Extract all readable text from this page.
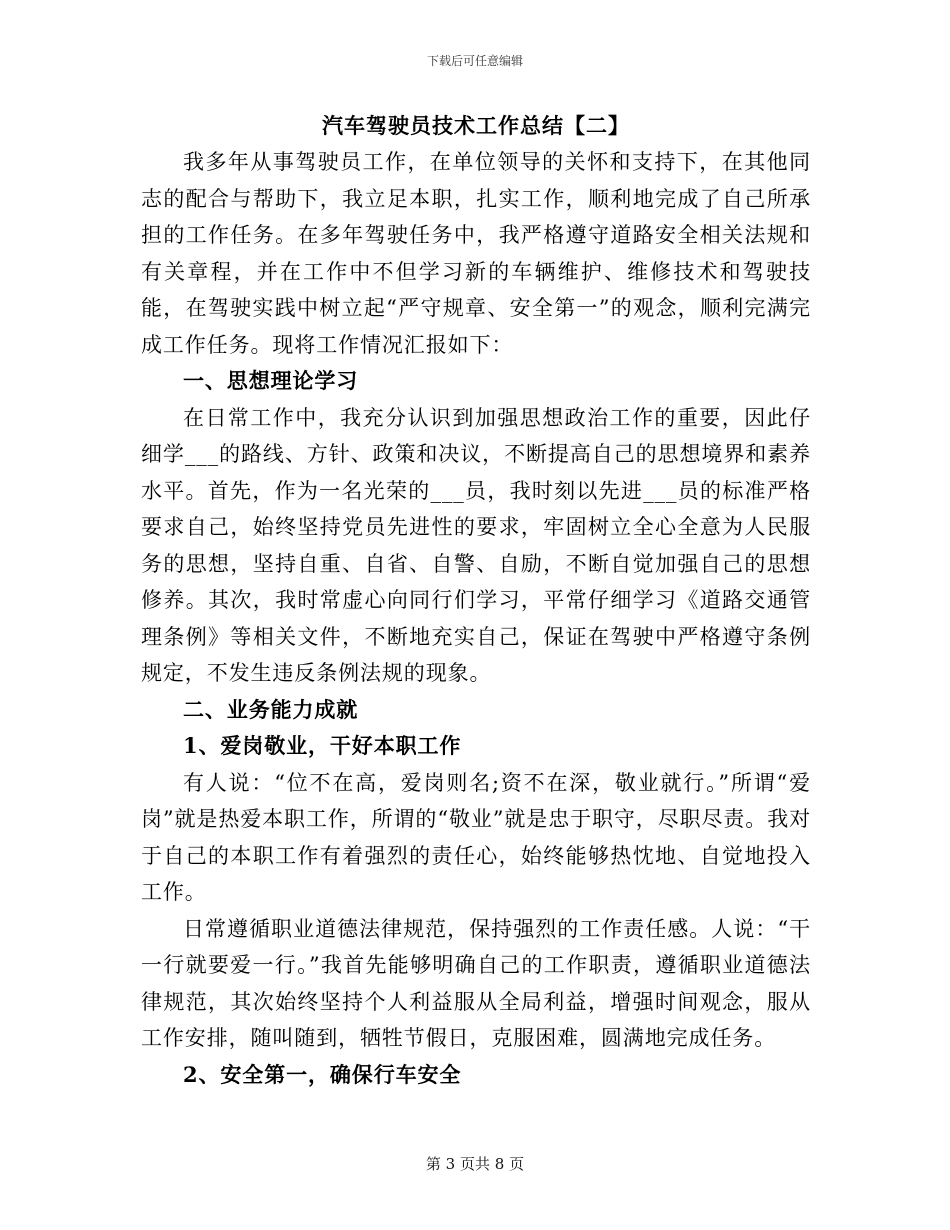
下载后可任意编辑

汽车驾驶员技术工作总结【二】

我多年从事驾驶员工作，在单位领导的关怀和支持下，在其他同志的配合与帮助下，我立足本职，扎实工作，顺利地完成了自己所承担的工作任务。在多年驾驶任务中，我严格遵守道路安全相关法规和有关章程，并在工作中不但学习新的车辆维护、维修技术和驾驶技能，在驾驶实践中树立起“严守规章、安全第一”的观念，顺利完满完成工作任务。现将工作情况汇报如下：

一、思想理论学习

在日常工作中，我充分认识到加强思想政治工作的重要，因此仔细学___的路线、方针、政策和决议，不断提高自己的思想境界和素养水平。首先，作为一名光荣的___员，我时刻以先进___员的标准严格要求自己，始终坚持党员先进性的要求，牢固树立全心全意为人民服务的思想，坚持自重、自省、自警、自励，不断自觉加强自己的思想修养。其次，我时常虚心向同行们学习，平常仔细学习《道路交通管理条例》等相关文件，不断地充实自己，保证在驾驶中严格遵守条例规定，不发生违反条例法规的现象。

二、业务能力成就

1、爱岗敬业，干好本职工作

有人说：“位不在高，爱岗则名;资不在深，敬业就行。”所谓“爱岗”就是热爱本职工作，所谓的“敬业”就是忠于职守，尽职尽责。我对于自己的本职工作有着强烈的责任心，始终能够热忱地、自觉地投入工作。

日常遵循职业道德法律规范，保持强烈的工作责任感。人说：“干一行就要爱一行。”我首先能够明确自己的工作职责，遵循职业道德法律规范，其次始终坚持个人利益服从全局利益，增强时间观念，服从工作安排，随叫随到，牺牲节假日，克服困难，圆满地完成任务。

2、安全第一，确保行车安全

第 3 页共 8 页
